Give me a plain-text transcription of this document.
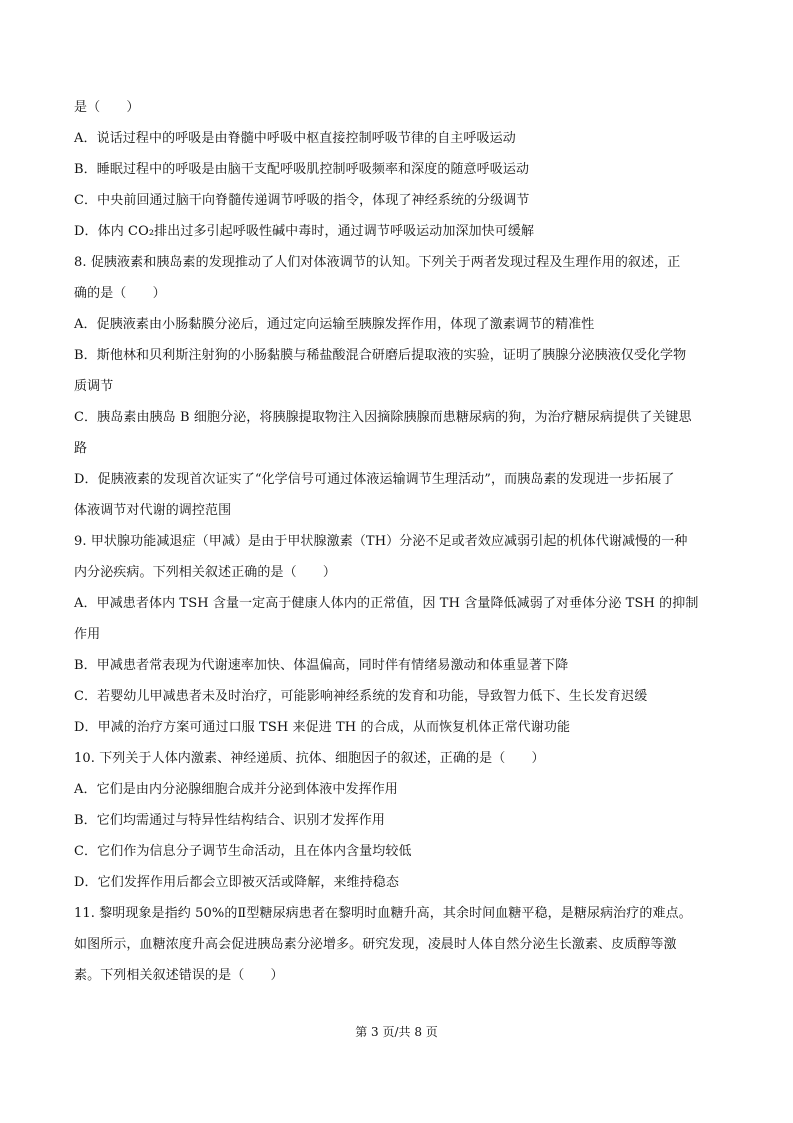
是（　　）
A．说话过程中的呼吸是由脊髓中呼吸中枢直接控制呼吸节律的自主呼吸运动
B．睡眠过程中的呼吸是由脑干支配呼吸肌控制呼吸频率和深度的随意呼吸运动
C．中央前回通过脑干向脊髓传递调节呼吸的指令，体现了神经系统的分级调节
D．体内 CO₂排出过多引起呼吸性碱中毒时，通过调节呼吸运动加深加快可缓解
8. 促胰液素和胰岛素的发现推动了人们对体液调节的认知。下列关于两者发现过程及生理作用的叙述，正
确的是（　　）
A．促胰液素由小肠黏膜分泌后，通过定向运输至胰腺发挥作用，体现了激素调节的精准性
B．斯他林和贝利斯注射狗的小肠黏膜与稀盐酸混合研磨后提取液的实验，证明了胰腺分泌胰液仅受化学物
质调节
C．胰岛素由胰岛 B 细胞分泌，将胰腺提取物注入因摘除胰腺而患糖尿病的狗，为治疗糖尿病提供了关键思
路
D．促胰液素的发现首次证实了“化学信号可通过体液运输调节生理活动”，而胰岛素的发现进一步拓展了
体液调节对代谢的调控范围
9. 甲状腺功能减退症（甲减）是由于甲状腺激素（TH）分泌不足或者效应减弱引起的机体代谢减慢的一种
内分泌疾病。下列相关叙述正确的是（　　）
A．甲减患者体内 TSH 含量一定高于健康人体内的正常值，因 TH 含量降低减弱了对垂体分泌 TSH 的抑制
作用
B．甲减患者常表现为代谢速率加快、体温偏高，同时伴有情绪易激动和体重显著下降
C．若婴幼儿甲减患者未及时治疗，可能影响神经系统的发育和功能，导致智力低下、生长发育迟缓
D．甲减的治疗方案可通过口服 TSH 来促进 TH 的合成，从而恢复机体正常代谢功能
10. 下列关于人体内激素、神经递质、抗体、细胞因子的叙述，正确的是（　　）
A．它们是由内分泌腺细胞合成并分泌到体液中发挥作用
B．它们均需通过与特异性结构结合、识别才发挥作用
C．它们作为信息分子调节生命活动，且在体内含量均较低
D．它们发挥作用后都会立即被灭活或降解，来维持稳态
11. 黎明现象是指约 50%的Ⅱ型糖尿病患者在黎明时血糖升高，其余时间血糖平稳，是糖尿病治疗的难点。
如图所示，血糖浓度升高会促进胰岛素分泌增多。研究发现，凌晨时人体自然分泌生长激素、皮质醇等激
素。下列相关叙述错误的是（　　）
第 3 页/共 8 页
